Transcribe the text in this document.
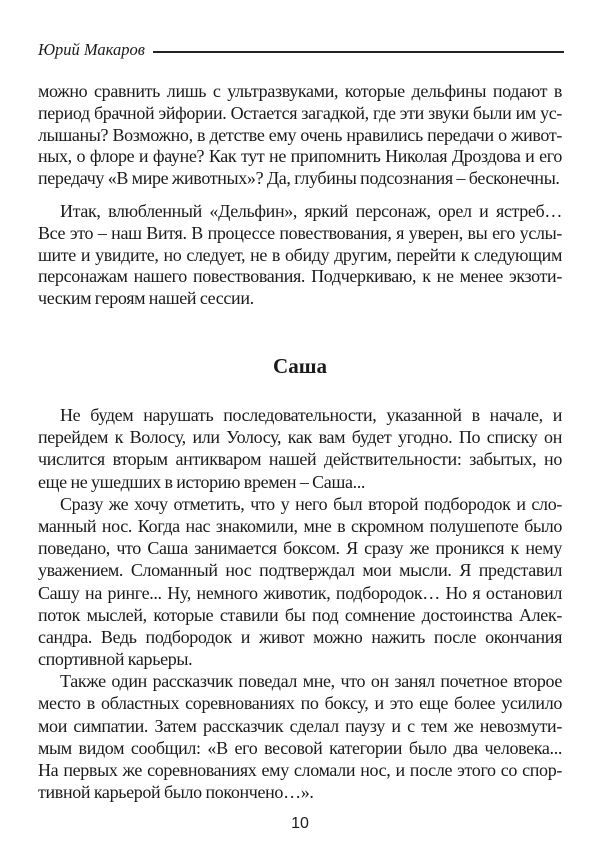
Юрий Макаров
можно сравнить лишь с ультразвуками, которые дельфины подают в
период брачной эйфории. Остается загадкой, где эти звуки были им ус-
лышаны? Возможно, в детстве ему очень нравились передачи о живот-
ных, о флоре и фауне? Как тут не припомнить Николая Дроздова и его
передачу «В мире животных»? Да, глубины подсознания – бесконечны.
Итак, влюбленный «Дельфин», яркий персонаж, орел и ястреб…
Все это – наш Витя. В процессе повествования, я уверен, вы его услы-
шите и увидите, но следует, не в обиду другим, перейти к следующим
персонажам нашего повествования. Подчеркиваю, к не менее экзоти-
ческим героям нашей сессии.
Саша
Не будем нарушать последовательности, указанной в начале, и
перейдем к Волосу, или Уолосу, как вам будет угодно. По списку он
числится вторым антикваром нашей действительности: забытых, но
еще не ушедших в историю времен – Саша...
Сразу же хочу отметить, что у него был второй подбородок и сло-
манный нос. Когда нас знакомили, мне в скромном полушепоте было
поведано, что Саша занимается боксом. Я сразу же проникся к нему
уважением. Сломанный нос подтверждал мои мысли. Я представил
Сашу на ринге... Ну, немного животик, подбородок… Но я остановил
поток мыслей, которые ставили бы под сомнение достоинства Алек-
сандра. Ведь подбородок и живот можно нажить после окончания
спортивной карьеры.
Также один рассказчик поведал мне, что он занял почетное второе
место в областных соревнованиях по боксу, и это еще более усилило
мои симпатии. Затем рассказчик сделал паузу и с тем же невозмути-
мым видом сообщил: «В его весовой категории было два человека...
На первых же соревнованиях ему сломали нос, и после этого со спор-
тивной карьерой было покончено…».
10
